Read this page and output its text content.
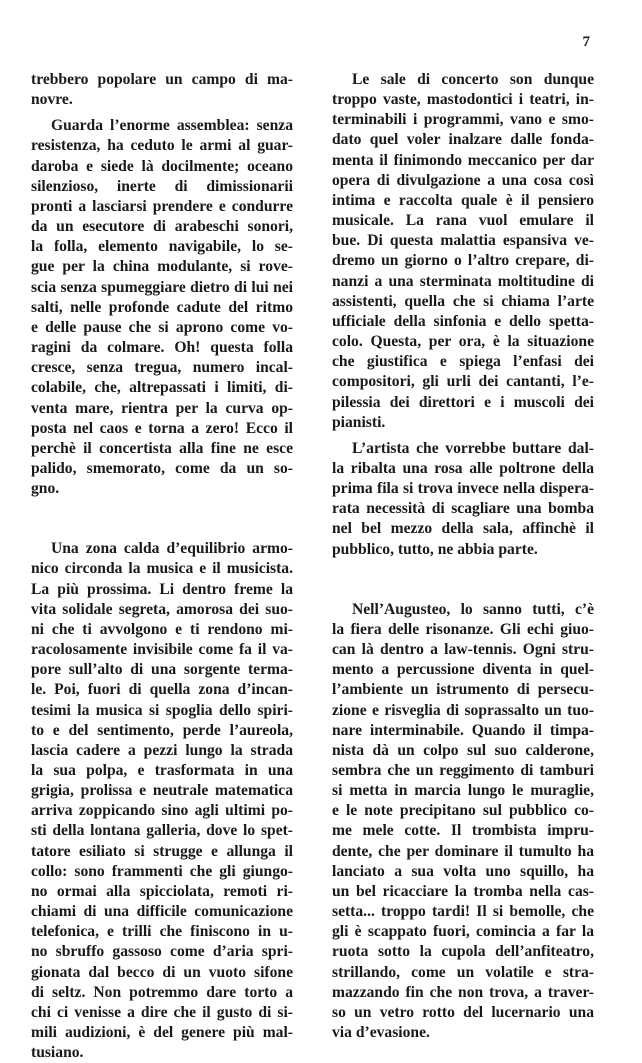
7
trebbero popolare un campo di ma-
novre.
Guarda l’enorme assemblea: senza
resistenza, ha ceduto le armi al guar-
daroba e siede là docilmente; oceano
silenzioso, inerte di dimissionarii
pronti a lasciarsi prendere e condurre
da un esecutore di arabeschi sonori,
la folla, elemento navigabile, lo se-
gue per la china modulante, si rove-
scia senza spumeggiare dietro di lui nei
salti, nelle profonde cadute del ritmo
e delle pause che si aprono come vo-
ragini da colmare. Oh! questa folla
cresce, senza tregua, numero incal-
colabile, che, altrepassati i limiti, di-
venta mare, rientra per la curva op-
posta nel caos e torna a zero! Ecco il
perchè il concertista alla fine ne esce
palido, smemorato, come da un so-
gno.
Una zona calda d’equilibrio armo-
nico circonda la musica e il musicista.
La più prossima. Li dentro freme la
vita solidale segreta, amorosa dei suo-
ni che ti avvolgono e ti rendono mi-
racolosamente invisibile come fa il va-
pore sull’alto di una sorgente terma-
le. Poi, fuori di quella zona d’incan-
tesimi la musica si spoglia dello spiri-
to e del sentimento, perde l’aureola,
lascia cadere a pezzi lungo la strada
la sua polpa, e trasformata in una
grigia, prolissa e neutrale matematica
arriva zoppicando sino agli ultimi po-
sti della lontana galleria, dove lo spet-
tatore esiliato si strugge e allunga il
collo: sono frammenti che gli giungo-
no ormai alla spicciolata, remoti ri-
chiami di una difficile comunicazione
telefonica, e trilli che finiscono in u-
no sbruffo gassoso come d’aria spri-
gionata dal becco di un vuoto sifone
di seltz. Non potremmo dare torto a
chi ci venisse a dire che il gusto di si-
mili audizioni, è del genere più mal-
tusiano.
Le sale di concerto son dunque
troppo vaste, mastodontici i teatri, in-
terminabili i programmi, vano e smo-
dato quel voler inalzare dalle fonda-
menta il finimondo meccanico per dar
opera di divulgazione a una cosa così
intima e raccolta quale è il pensiero
musicale. La rana vuol emulare il
bue. Di questa malattia espansiva ve-
dremo un giorno o l’altro crepare, di-
nanzi a una sterminata moltitudine di
assistenti, quella che si chiama l’arte
ufficiale della sinfonia e dello spetta-
colo. Questa, per ora, è la situazione
che giustifica e spiega l’enfasi dei
compositori, gli urli dei cantanti, l’e-
pilessia dei direttori e i muscoli dei
pianisti.
L’artista che vorrebbe buttare dal-
la ribalta una rosa alle poltrone della
prima fila si trova invece nella dispera-
rata necessità di scagliare una bomba
nel bel mezzo della sala, affinchè il
pubblico, tutto, ne abbia parte.
Nell’Augusteo, lo sanno tutti, c’è
la fiera delle risonanze. Gli echi giuo-
can là dentro a law-tennis. Ogni stru-
mento a percussione diventa in quel-
l’ambiente un istrumento di persecu-
zione e risveglia di soprassalto un tuo-
nare interminabile. Quando il timpa-
nista dà un colpo sul suo calderone,
sembra che un reggimento di tamburi
si metta in marcia lungo le muraglie,
e le note precipitano sul pubblico co-
me mele cotte. Il trombista impru-
dente, che per dominare il tumulto ha
lanciato a sua volta uno squillo, ha
un bel ricacciare la tromba nella cas-
setta... troppo tardi! Il si bemolle, che
gli è scappato fuori, comincia a far la
ruota sotto la cupola dell’anfiteatro,
strillando, come un volatile e stra-
mazzando fin che non trova, a traver-
so un vetro rotto del lucernario una
via d’evasione.
